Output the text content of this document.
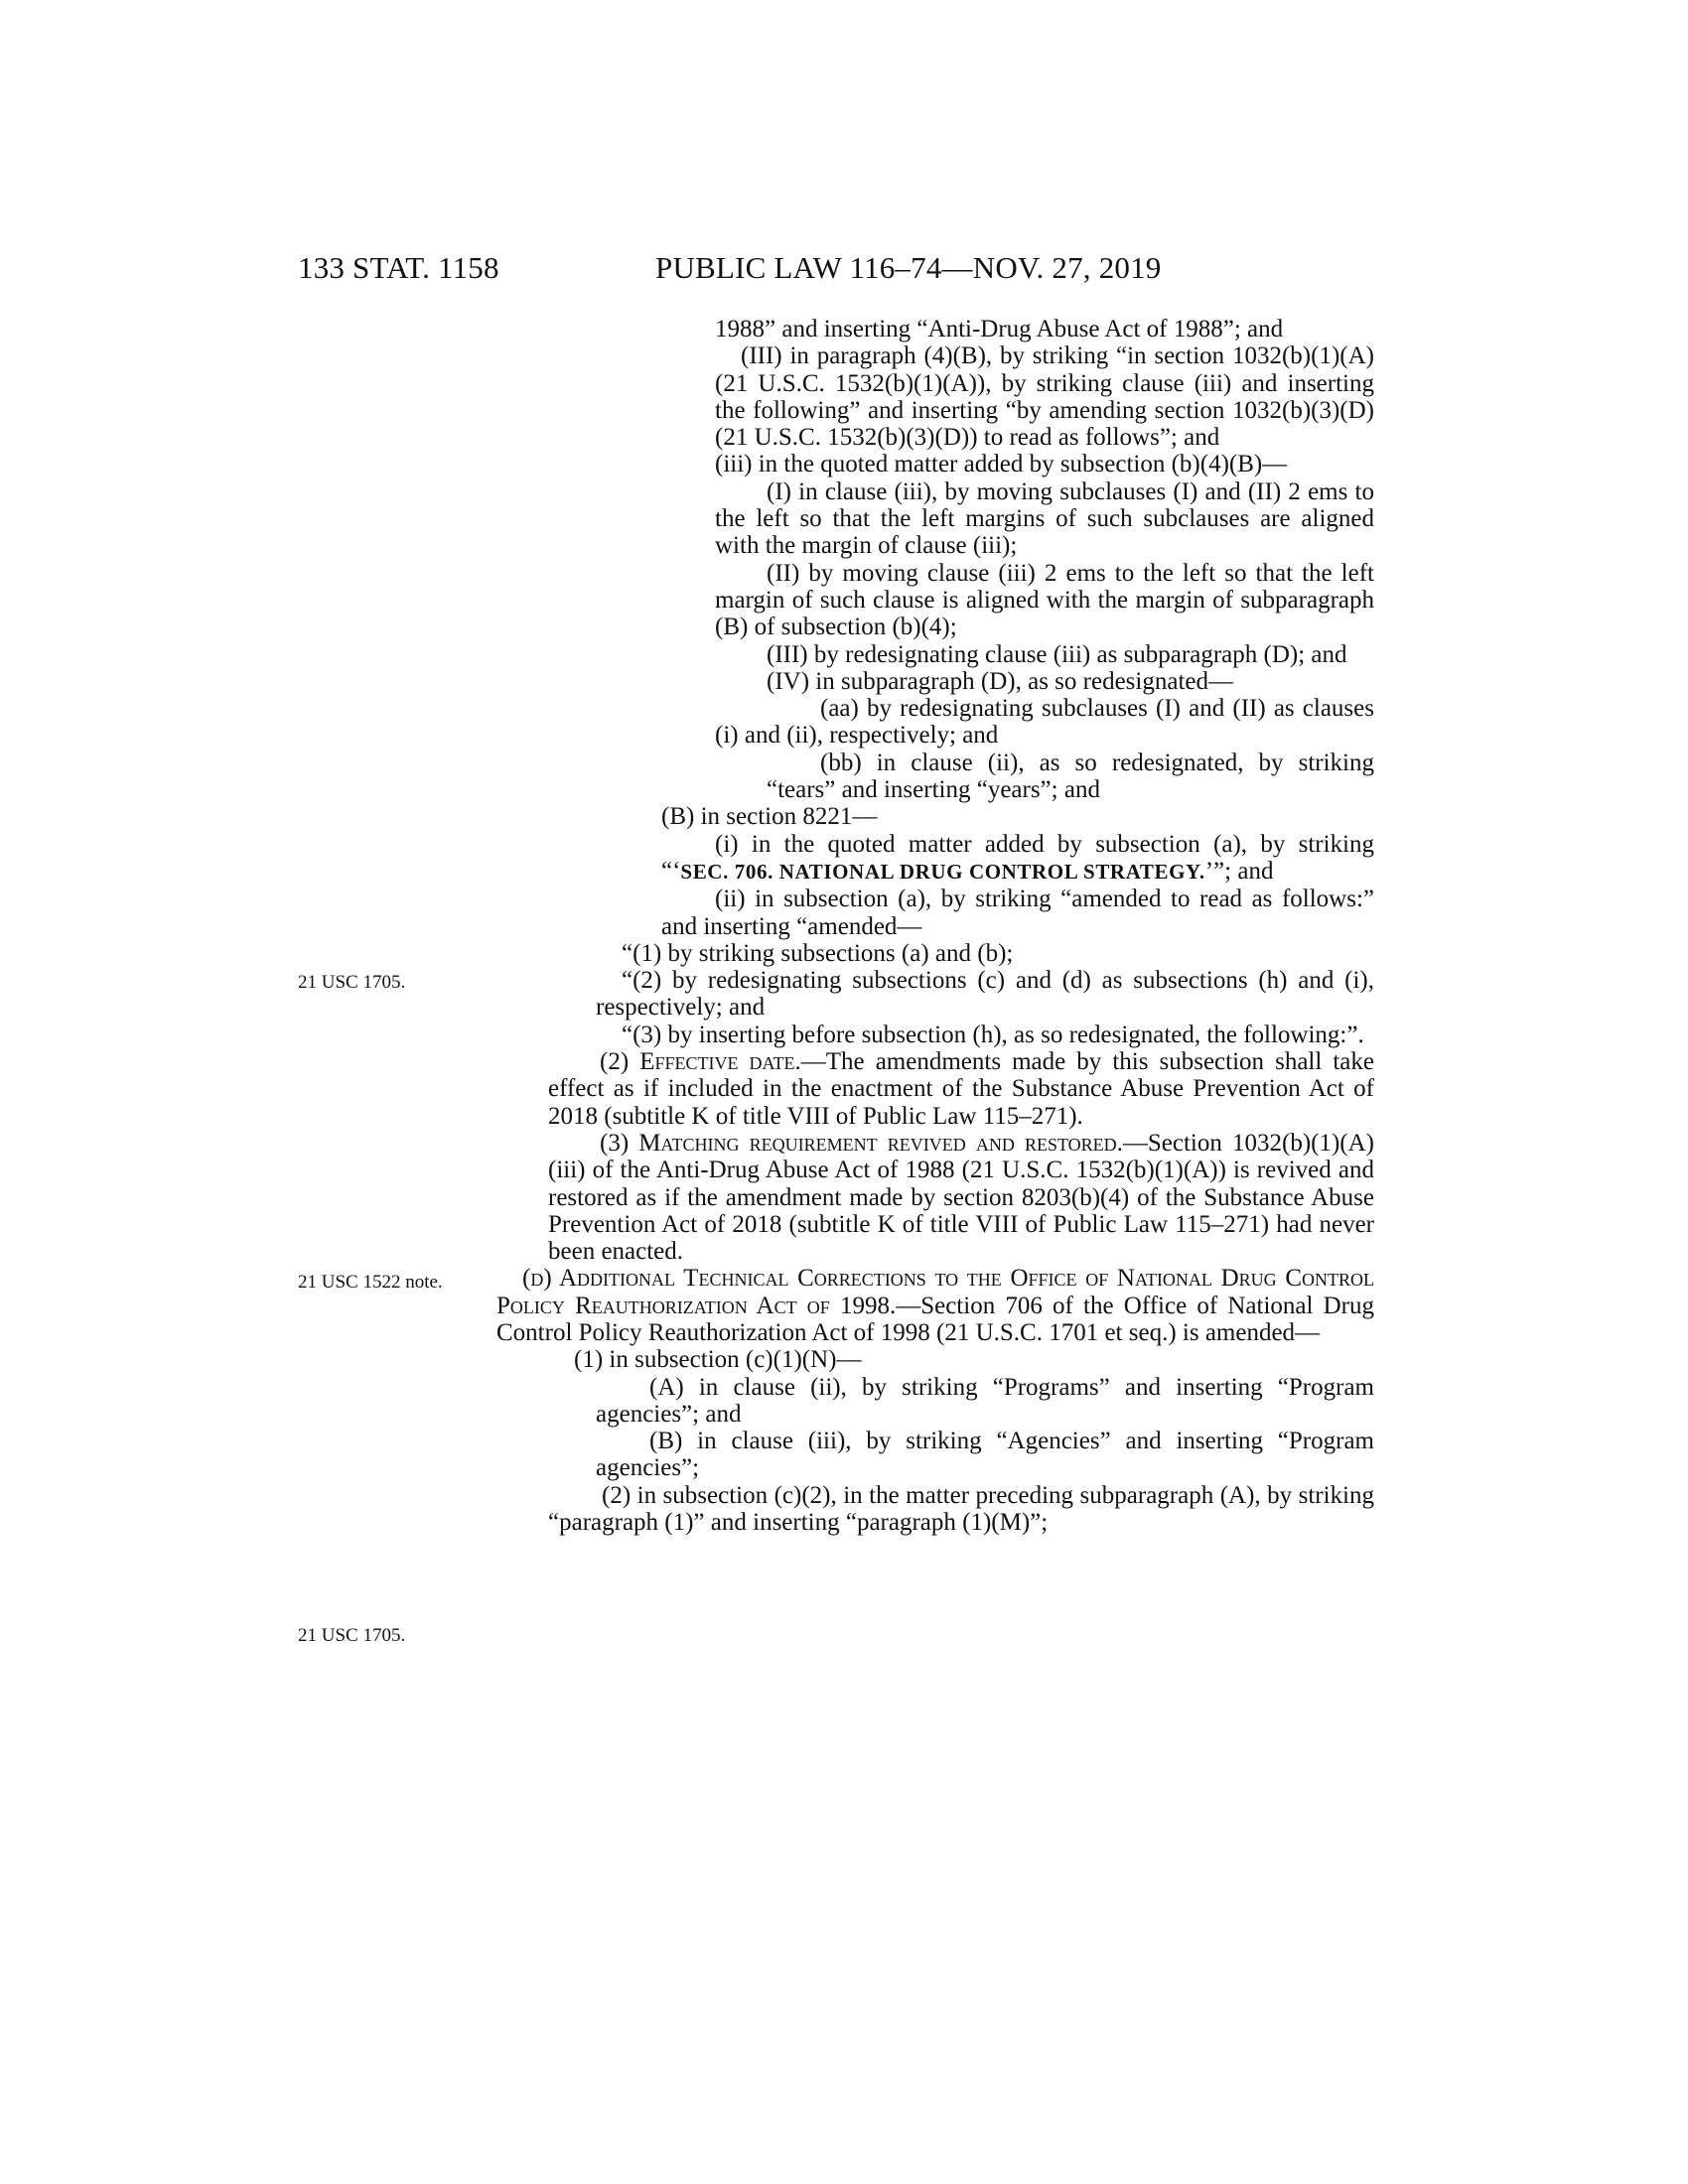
133 STAT. 1158	PUBLIC LAW 116–74—NOV. 27, 2019

21 USC 1705.
21 USC 1522 note.
21 USC 1705.

1988” and inserting “Anti-Drug Abuse Act of 1988”; and

(III) in paragraph (4)(B), by striking “in section 1032(b)(1)(A) (21 U.S.C. 1532(b)(1)(A)), by striking clause (iii) and inserting the following” and inserting “by amending section 1032(b)(3)(D) (21 U.S.C. 1532(b)(3)(D)) to read as follows”; and

(iii) in the quoted matter added by subsection (b)(4)(B)—

(I) in clause (iii), by moving subclauses (I) and (II) 2 ems to the left so that the left margins of such subclauses are aligned with the margin of clause (iii);

(II) by moving clause (iii) 2 ems to the left so that the left margin of such clause is aligned with the margin of subparagraph (B) of subsection (b)(4);

(III) by redesignating clause (iii) as subparagraph (D); and

(IV) in subparagraph (D), as so redesignated—

(aa) by redesignating subclauses (I) and (II) as clauses (i) and (ii), respectively; and

(bb) in clause (ii), as so redesignated, by striking “tears” and inserting “years”; and

(B) in section 8221—

(i) in the quoted matter added by subsection (a), by striking “‘SEC. 706. NATIONAL DRUG CONTROL STRATEGY.’”; and

(ii) in subsection (a), by striking “amended to read as follows:” and inserting “amended—

“(1) by striking subsections (a) and (b);

“(2) by redesignating subsections (c) and (d) as subsections (h) and (i), respectively; and

“(3) by inserting before subsection (h), as so redesignated, the following:”.

(2) Effective date.—The amendments made by this subsection shall take effect as if included in the enactment of the Substance Abuse Prevention Act of 2018 (subtitle K of title VIII of Public Law 115–271).

(3) Matching requirement revived and restored.—Section 1032(b)(1)(A)(iii) of the Anti-Drug Abuse Act of 1988 (21 U.S.C. 1532(b)(1)(A)) is revived and restored as if the amendment made by section 8203(b)(4) of the Substance Abuse Prevention Act of 2018 (subtitle K of title VIII of Public Law 115–271) had never been enacted.

(d) Additional Technical Corrections to the Office of National Drug Control Policy Reauthorization Act of 1998.—Section 706 of the Office of National Drug Control Policy Reauthorization Act of 1998 (21 U.S.C. 1701 et seq.) is amended—

(1) in subsection (c)(1)(N)—

(A) in clause (ii), by striking “Programs” and inserting “Program agencies”; and

(B) in clause (iii), by striking “Agencies” and inserting “Program agencies”;

(2) in subsection (c)(2), in the matter preceding subparagraph (A), by striking “paragraph (1)” and inserting “paragraph (1)(M)”;
